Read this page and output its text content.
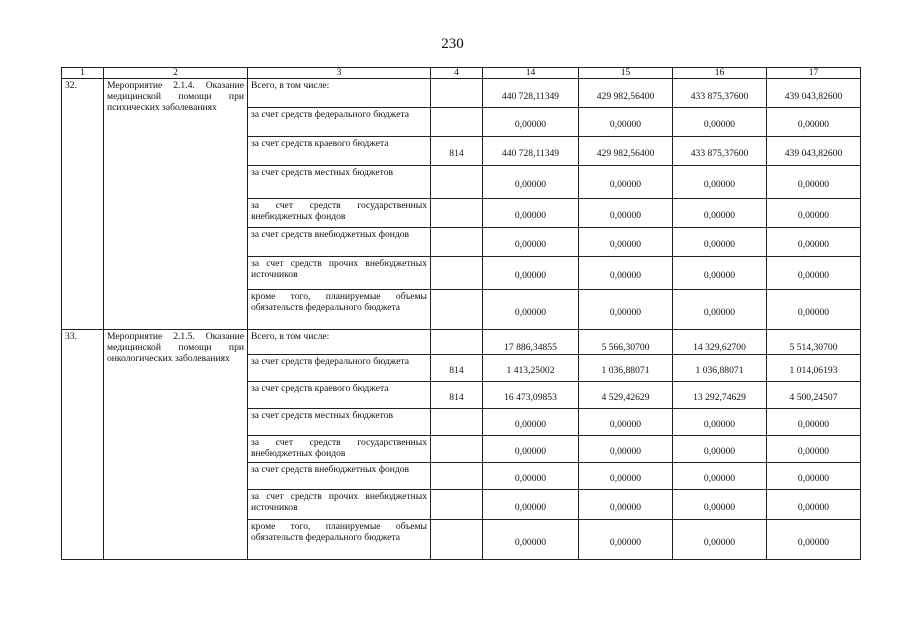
230
1	2	3	4	14	15	16	17
32.	Мероприятие 2.1.4. Оказание медицинской помощи при психических заболеваниях	Всего, в том числе:		440 728,11349	429 982,56400	433 875,37600	439 043,82600
		за счет средств федерального бюджета		0,00000	0,00000	0,00000	0,00000
		за счет средств краевого бюджета	814	440 728,11349	429 982,56400	433 875,37600	439 043,82600
		за счет средств местных бюджетов		0,00000	0,00000	0,00000	0,00000
		за счет средств государственных внебюджетных фондов		0,00000	0,00000	0,00000	0,00000
		за счет средств внебюджетных фондов		0,00000	0,00000	0,00000	0,00000
		за счет средств прочих внебюджетных источников		0,00000	0,00000	0,00000	0,00000
		кроме того, планируемые объемы обязательств федерального бюджета		0,00000	0,00000	0,00000	0,00000
33.	Мероприятие 2.1.5. Оказание медицинской помощи при онкологических заболеваниях	Всего, в том числе:		17 886,34855	5 566,30700	14 329,62700	5 514,30700
		за счет средств федерального бюджета	814	1 413,25002	1 036,88071	1 036,88071	1 014,06193
		за счет средств краевого бюджета	814	16 473,09853	4 529,42629	13 292,74629	4 500,24507
		за счет средств местных бюджетов		0,00000	0,00000	0,00000	0,00000
		за счет средств государственных внебюджетных фондов		0,00000	0,00000	0,00000	0,00000
		за счет средств внебюджетных фондов		0,00000	0,00000	0,00000	0,00000
		за счет средств прочих внебюджетных источников		0,00000	0,00000	0,00000	0,00000
		кроме того, планируемые объемы обязательств федерального бюджета		0,00000	0,00000	0,00000	0,00000
